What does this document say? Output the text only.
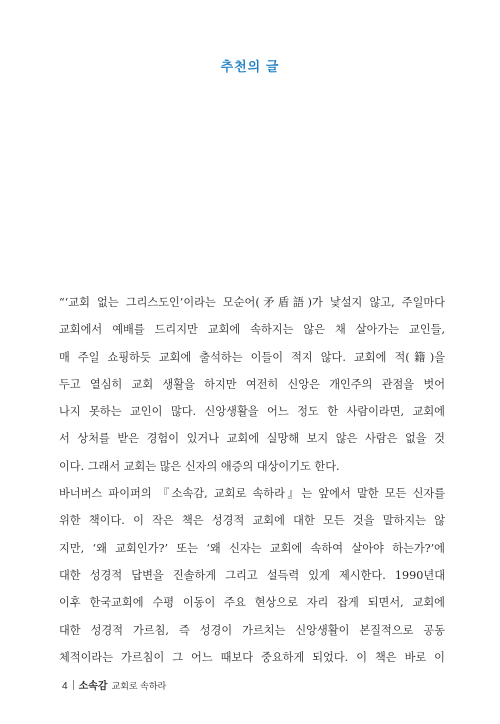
추천의 글
“‘교회 없는 그리스도인’이라는 모순어(矛盾語)가 낯설지 않고, 주일마다
교회에서 예배를 드리지만 교회에 속하지는 않은 채 살아가는 교인들,
매 주일 쇼핑하듯 교회에 출석하는 이들이 적지 않다. 교회에 적(籍)을
두고 열심히 교회 생활을 하지만 여전히 신앙은 개인주의 관점을 벗어
나지 못하는 교인이 많다. 신앙생활을 어느 정도 한 사람이라면, 교회에
서 상처를 받은 경험이 있거나 교회에 실망해 보지 않은 사람은 없을 것
이다. 그래서 교회는 많은 신자의 애증의 대상이기도 한다.
바너버스 파이퍼의 『소속감, 교회로 속하라』는 앞에서 말한 모든 신자를
위한 책이다. 이 작은 책은 성경적 교회에 대한 모든 것을 말하지는 않
지만, ‘왜 교회인가?’ 또는 ‘왜 신자는 교회에 속하여 살아야 하는가?’에
대한 성경적 답변을 진솔하게 그리고 설득력 있게 제시한다. 1990년대
이후 한국교회에 수평 이동이 주요 현상으로 자리 잡게 되면서, 교회에
대한 성경적 가르침, 즉 성경이 가르치는 신앙생활이 본질적으로 공동
체적이라는 가르침이 그 어느 때보다 중요하게 되었다. 이 책은 바로 이
4 소속감 교회로 속하라
